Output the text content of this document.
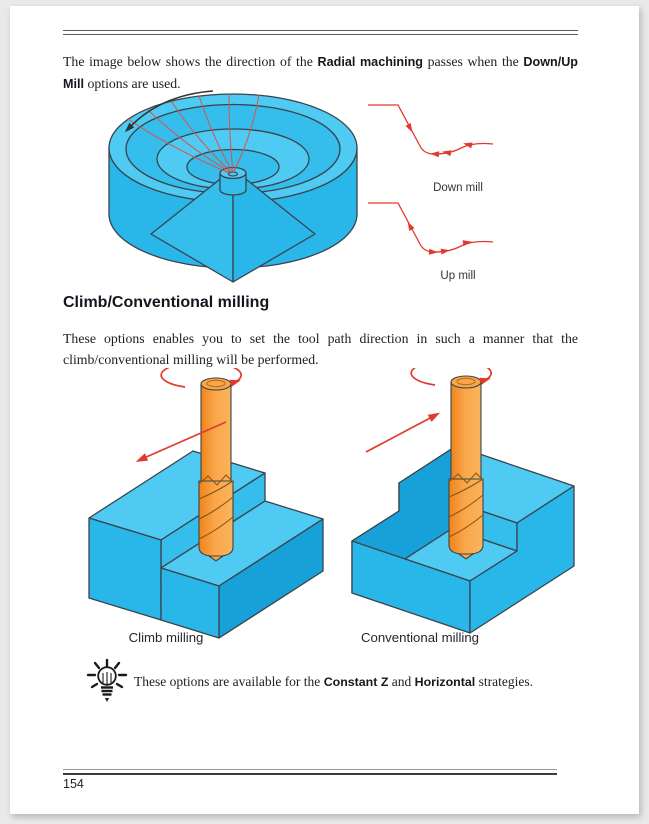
The image below shows the direction of the Radial machining passes when the Down/Up Mill options are used.

Down mill
Up mill
Climb/Conventional milling

These options enables you to set the tool path direction in such a manner that the climb/conventional milling will be performed.

Climb milling	Conventional milling

These options are available for the Constant Z and Horizontal strategies.

154
